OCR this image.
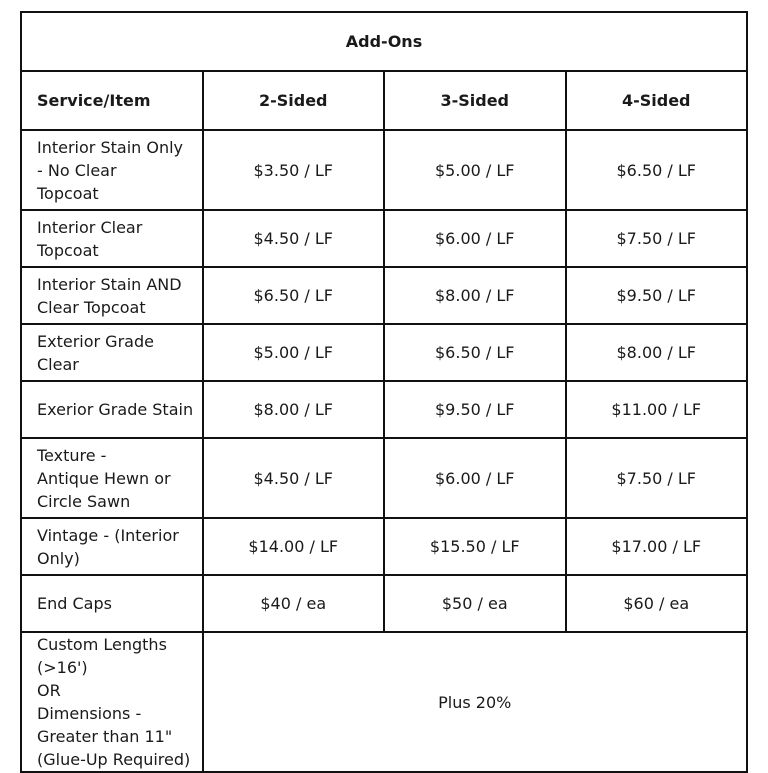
Add-Ons			
Service/Item	2-Sided	3-Sided	4-Sided

Interior Stain Only - No Clear
Topcoat	$3.50 / LF	$5.00 / LF	$6.50 / LF

Interior Clear Topcoat	$4.50 / LF	$6.00 / LF	$7.50 / LF

Interior Stain AND Clear Topcoat	$6.50 / LF	$8.00 / LF	$9.50 / LF

Exterior Grade Clear	$5.00 / LF	$6.50 / LF	$8.00 / LF

Exerior Grade Stain	$8.00 / LF	$9.50 / LF	$11.00 / LF

Texture -
Antique Hewn or Circle Sawn	$4.50 / LF	$6.00 / LF	$7.50 / LF

Vintage - (Interior Only)	$14.00 / LF	$15.50 / LF	$17.00 / LF

End Caps	$40 / ea	$50 / ea	$60 / ea

Custom Lengths (>16')
OR
Dimensions - Greater than 11"
(Glue-Up Required)	Plus 20%		
